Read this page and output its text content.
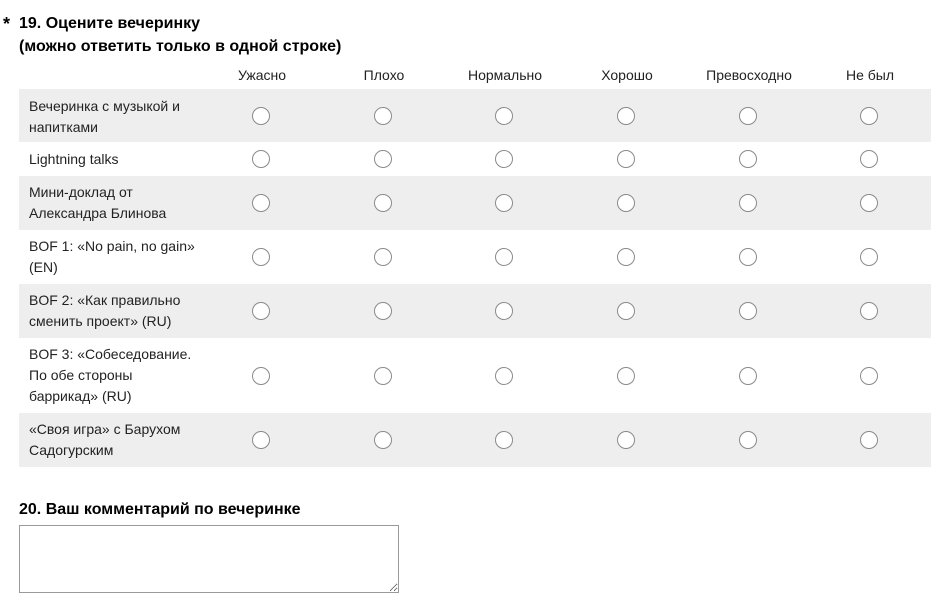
* 19. Оцените вечеринку
(можно ответить только в одной строке)
Ужасно	Плохо	Нормально	Хорошо	Превосходно	Не был
Вечеринка с музыкой и напитками
Lightning talks
Мини-доклад от Александра Блинова
BOF 1: «No pain, no gain» (EN)
BOF 2: «Как правильно сменить проект» (RU)
BOF 3: «Собеседование. По обе стороны баррикад» (RU)
«Своя игра» с Барухом Садогурским
20. Ваш комментарий по вечеринке
